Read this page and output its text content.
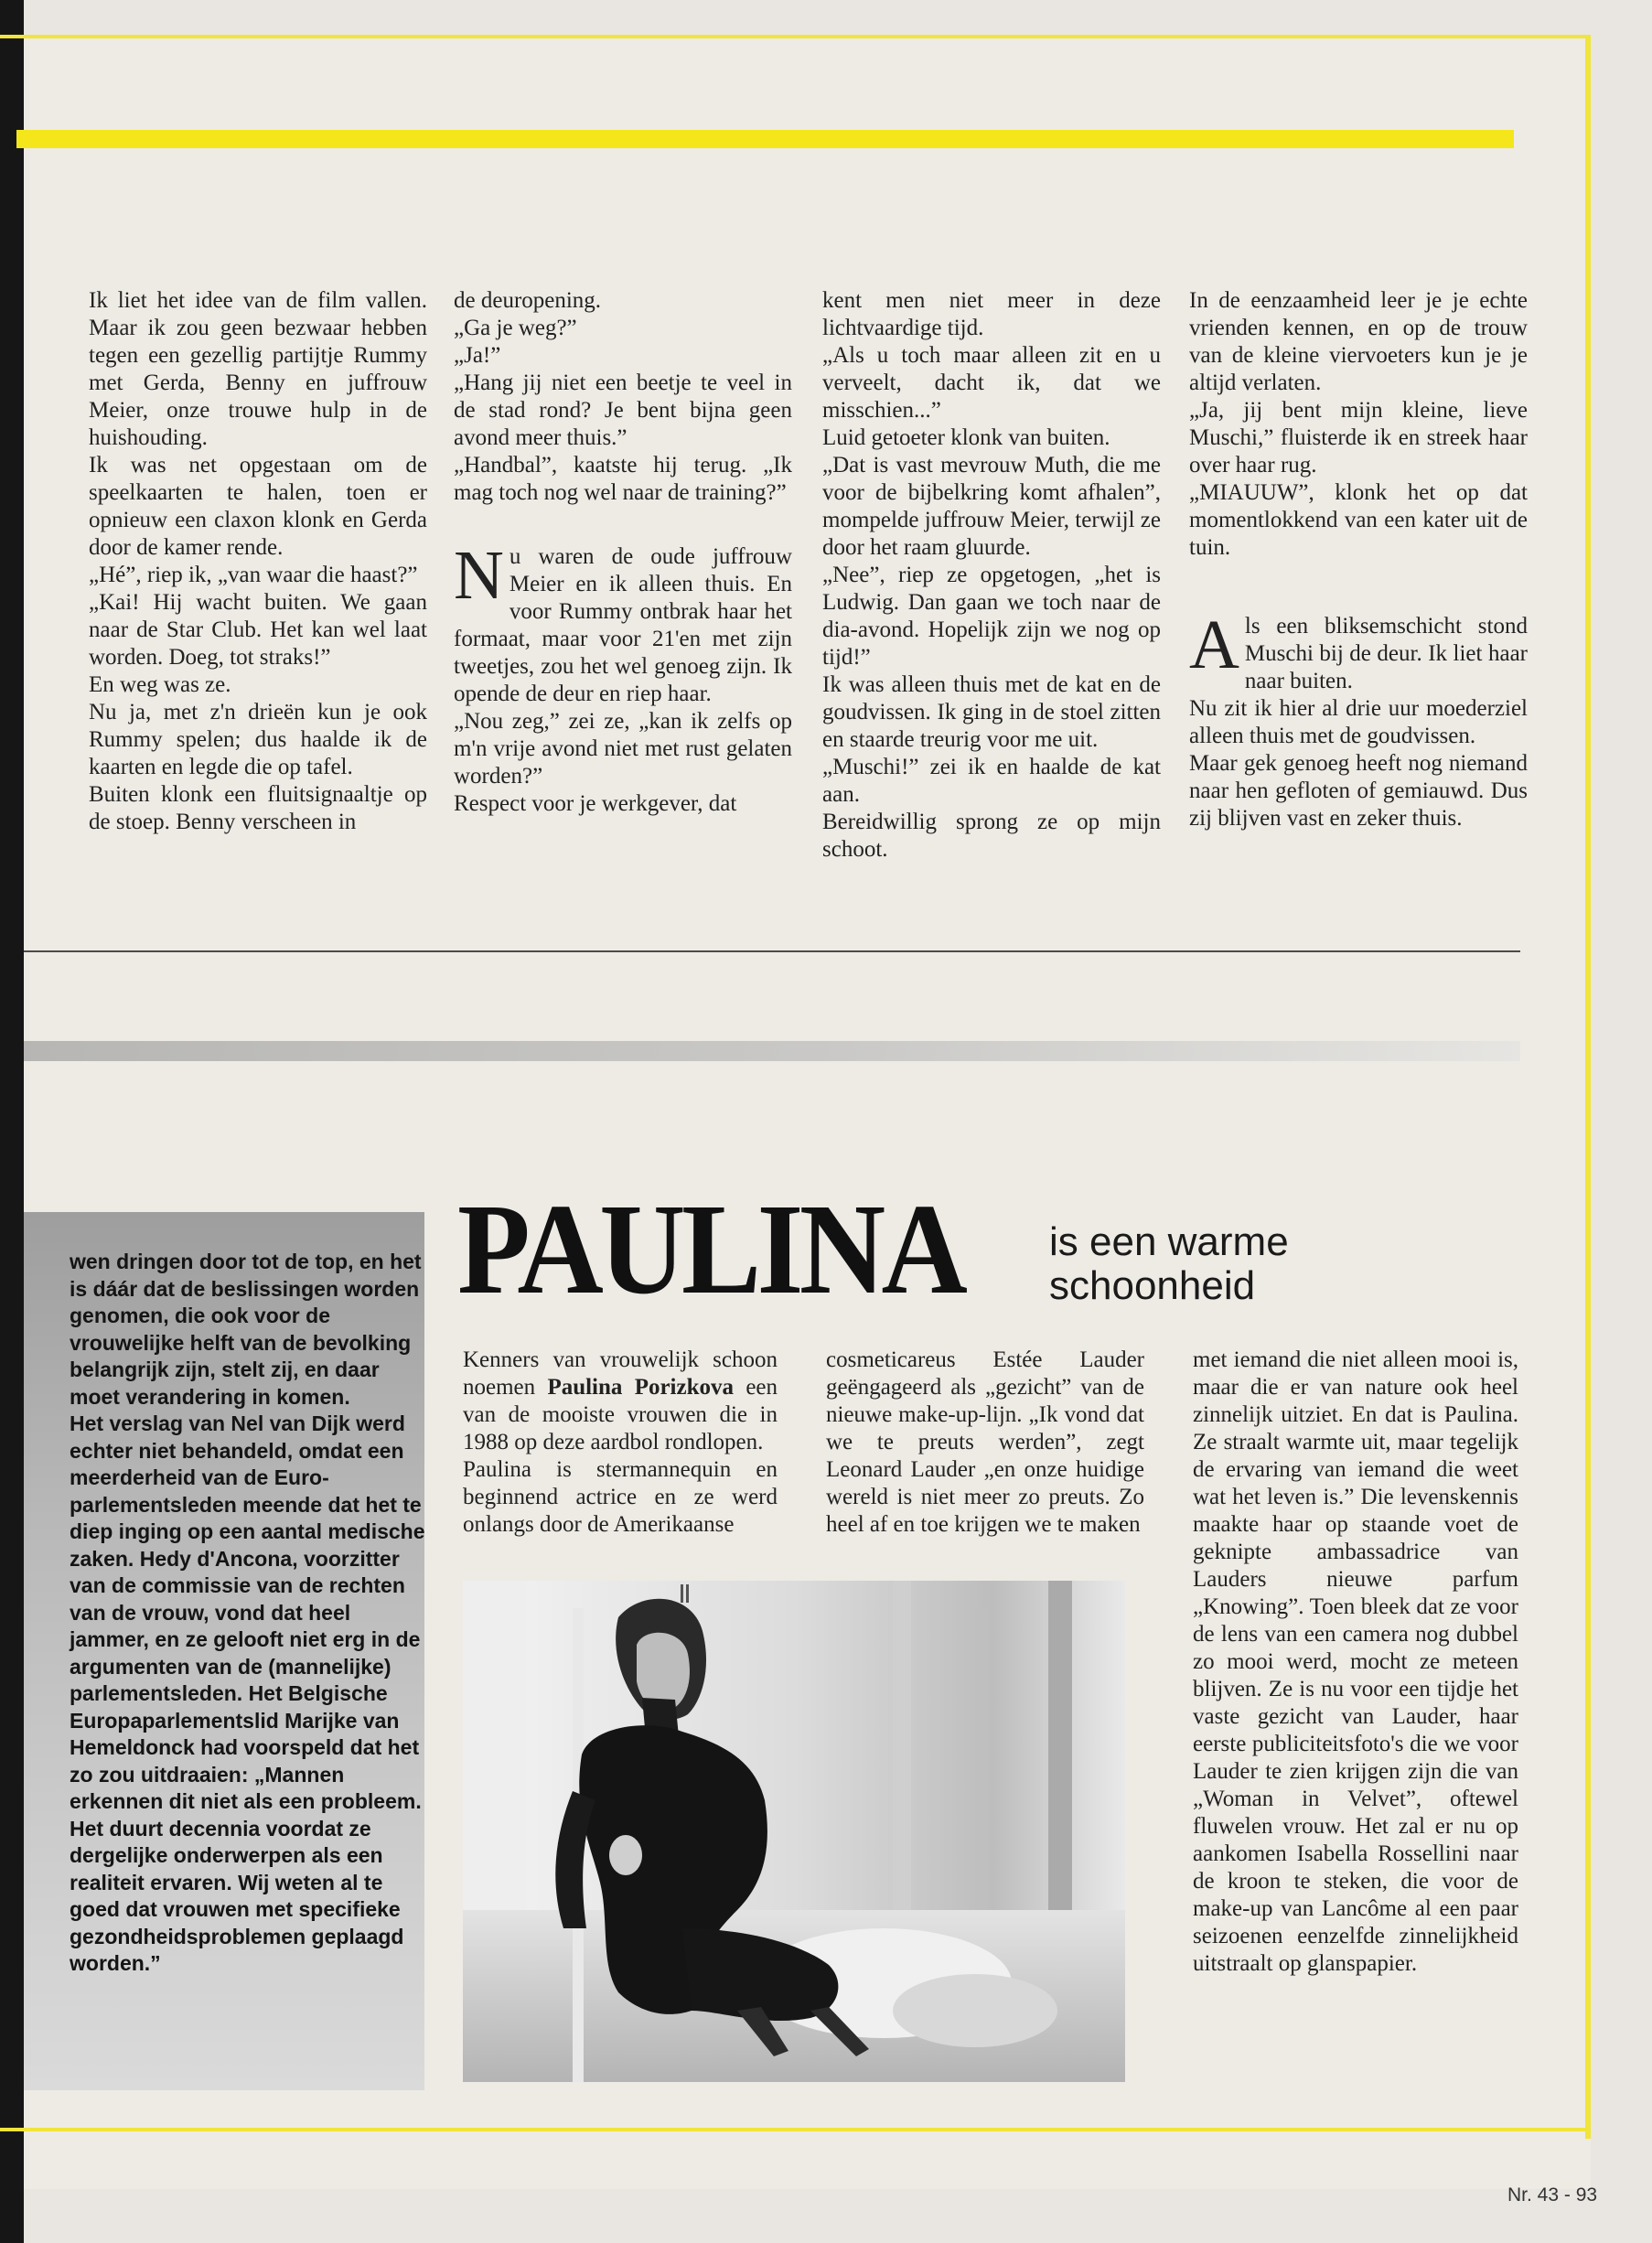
Ik liet het idee van de film vallen. Maar ik zou geen bezwaar hebben tegen een gezellig partijtje Rummy met Gerda, Benny en juffrouw Meier, onze trouwe hulp in de huishouding.

Ik was net opgestaan om de speelkaarten te halen, toen er opnieuw een claxon klonk en Gerda door de kamer rende.

„Hé”, riep ik, „van waar die haast?”

„Kai! Hij wacht buiten. We gaan naar de Star Club. Het kan wel laat worden. Doeg, tot straks!”

En weg was ze.

Nu ja, met z'n drieën kun je ook Rummy spelen; dus haalde ik de kaarten en legde die op tafel.

Buiten klonk een fluitsignaaltje op de stoep. Benny verscheen in

de deuropening.

„Ga je weg?”

„Ja!”

„Hang jij niet een beetje te veel in de stad rond? Je bent bijna geen avond meer thuis.”

„Handbal”, kaatste hij terug. „Ik mag toch nog wel naar de training?”

Nu waren de oude juffrouw Meier en ik alleen thuis. En voor Rummy ontbrak haar het formaat, maar voor 21'en met zijn tweetjes, zou het wel genoeg zijn. Ik opende de deur en riep haar.

„Nou zeg,” zei ze, „kan ik zelfs op m'n vrije avond niet met rust gelaten worden?”

Respect voor je werkgever, dat

kent men niet meer in deze lichtvaardige tijd.

„Als u toch maar alleen zit en u verveelt, dacht ik, dat we misschien...”

Luid getoeter klonk van buiten.

„Dat is vast mevrouw Muth, die me voor de bijbelkring komt afhalen”, mompelde juffrouw Meier, terwijl ze door het raam gluurde.

„Nee”, riep ze opgetogen, „het is Ludwig. Dan gaan we toch naar de dia-avond. Hopelijk zijn we nog op tijd!”

Ik was alleen thuis met de kat en de goudvissen. Ik ging in de stoel zitten en staarde treurig voor me uit.

„Muschi!” zei ik en haalde de kat aan.

Bereidwillig sprong ze op mijn schoot.

In de eenzaamheid leer je je echte vrienden kennen, en op de trouw van de kleine viervoeters kun je je altijd verlaten.

„Ja, jij bent mijn kleine, lieve Muschi,” fluisterde ik en streek haar over haar rug.

„MIAUUW”, klonk het op dat momentlokkend van een kater uit de tuin.

Als een bliksemschicht stond Muschi bij de deur. Ik liet haar naar buiten.

Nu zit ik hier al drie uur moederziel alleen thuis met de goudvissen.

Maar gek genoeg heeft nog niemand naar hen gefloten of gemiauwd. Dus zij blijven vast en zeker thuis.

wen dringen door tot de top, en het is dáár dat de beslissingen worden genomen, die ook voor de vrouwelijke helft van de bevolking belangrijk zijn, stelt zij, en daar moet verandering in komen.

Het verslag van Nel van Dijk werd echter niet behandeld, omdat een meerderheid van de Euro-parlementsleden meende dat het te diep inging op een aantal medische zaken. Hedy d'Ancona, voorzitter van de commissie van de rechten van de vrouw, vond dat heel jammer, en ze gelooft niet erg in de argumenten van de (mannelijke) parlementsleden. Het Belgische Europaparlementslid Marijke van Hemeldonck had voorspeld dat het zo zou uitdraaien: „Mannen erkennen dit niet als een probleem. Het duurt decennia voordat ze dergelijke onderwerpen als een realiteit ervaren. Wij weten al te goed dat vrouwen met specifieke gezondheidsproblemen geplaagd worden.”

PAULINA is een warme
schoonheid

Kenners van vrouwelijk schoon noemen Paulina Porizkova een van de mooiste vrouwen die in 1988 op deze aardbol rondlopen.

Paulina is stermannequin en beginnend actrice en ze werd onlangs door de Amerikaanse

cosmeticareus Estée Lauder geëngageerd als „gezicht” van de nieuwe make-up-lijn. „Ik vond dat we te preuts werden”, zegt Leonard Lauder „en onze huidige wereld is niet meer zo preuts. Zo heel af en toe krijgen we te maken

met iemand die niet alleen mooi is, maar die er van nature ook heel zinnelijk uitziet. En dat is Paulina. Ze straalt warmte uit, maar tegelijk de ervaring van iemand die weet wat het leven is.” Die levenskennis maakte haar op staande voet de geknipte ambassadrice van Lauders nieuwe parfum „Knowing”. Toen bleek dat ze voor de lens van een camera nog dubbel zo mooi werd, mocht ze meteen blijven. Ze is nu voor een tijdje het vaste gezicht van Lauder, haar eerste publiciteitsfoto's die we voor Lauder te zien krijgen zijn die van „Woman in Velvet”, oftewel fluwelen vrouw. Het zal er nu op aankomen Isabella Rossellini naar de kroon te steken, die voor de make-up van Lancôme al een paar seizoenen eenzelfde zinnelijkheid uitstraalt op glanspapier.

Nr. 43 - 93
